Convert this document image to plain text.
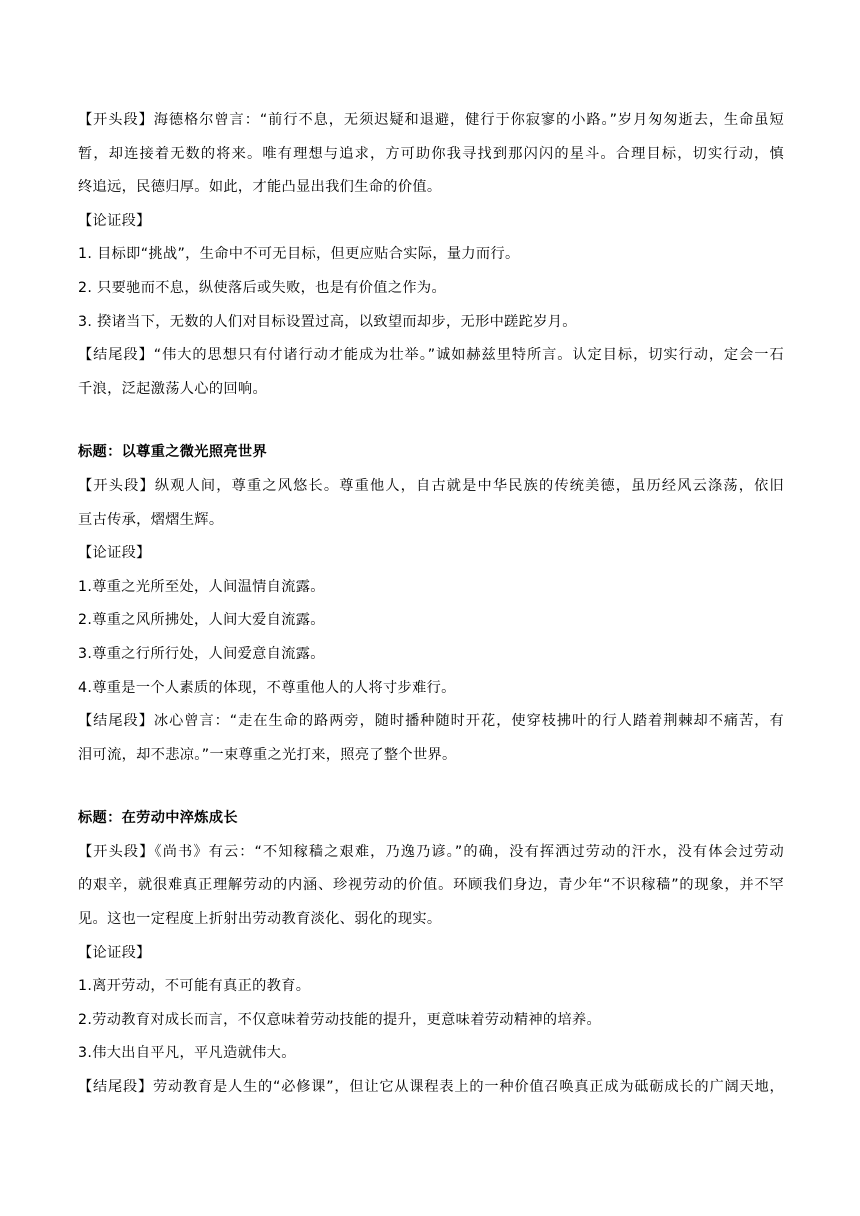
【开头段】海德格尔曾言：“前行不息，无须迟疑和退避，健行于你寂寥的小路。”岁月匆匆逝去，生命虽短
暂，却连接着无数的将来。唯有理想与追求，方可助你我寻找到那闪闪的星斗。合理目标，切实行动，慎
终追远，民德归厚。如此，才能凸显出我们生命的价值。
【论证段】
1. 目标即“挑战”，生命中不可无目标，但更应贴合实际，量力而行。
2. 只要驰而不息，纵使落后或失败，也是有价值之作为。
3. 揆诸当下，无数的人们对目标设置过高，以致望而却步，无形中蹉跎岁月。
【结尾段】“伟大的思想只有付诸行动才能成为壮举。”诚如赫兹里特所言。认定目标，切实行动，定会一石
千浪，泛起激荡人心的回响。
标题：以尊重之微光照亮世界
【开头段】纵观人间，尊重之风悠长。尊重他人，自古就是中华民族的传统美德，虽历经风云涤荡，依旧
亘古传承，熠熠生辉。
【论证段】
1.尊重之光所至处，人间温情自流露。
2.尊重之风所拂处，人间大爱自流露。
3.尊重之行所行处，人间爱意自流露。
4.尊重是一个人素质的体现，不尊重他人的人将寸步难行。
【结尾段】冰心曾言：“走在生命的路两旁，随时播种随时开花，使穿枝拂叶的行人踏着荆棘却不痛苦，有
泪可流，却不悲凉。”一束尊重之光打来，照亮了整个世界。
标题：在劳动中淬炼成长
【开头段】《尚书》有云：“不知稼穑之艰难，乃逸乃谚。”的确，没有挥洒过劳动的汗水，没有体会过劳动
的艰辛，就很难真正理解劳动的内涵、珍视劳动的价值。环顾我们身边，青少年“不识稼穑”的现象，并不罕
见。这也一定程度上折射出劳动教育淡化、弱化的现实。
【论证段】
1.离开劳动，不可能有真正的教育。
2.劳动教育对成长而言，不仅意味着劳动技能的提升，更意味着劳动精神的培养。
3.伟大出自平凡，平凡造就伟大。
【结尾段】劳动教育是人生的“必修课”，但让它从课程表上的一种价值召唤真正成为砥砺成长的广阔天地，
